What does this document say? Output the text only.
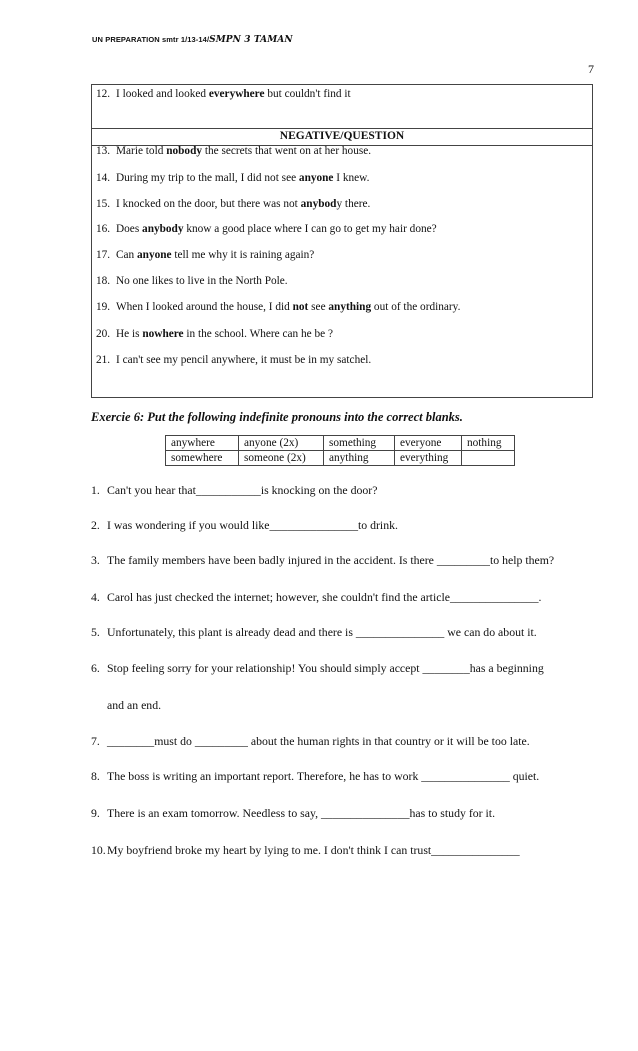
UN PREPARATION smtr 1/13-14/SMPN 3 TAMAN
7
12. I looked and looked everywhere but couldn't find it
NEGATIVE/QUESTION
13. Marie told nobody the secrets that went on at her house.
14. During my trip to the mall, I did not see anyone I knew.
15. I knocked on the door, but there was not anybody there.
16. Does anybody know a good place where I can go to get my hair done?
17. Can anyone tell me why it is raining again?
18. No one likes to live in the North Pole.
19. When I looked around the house, I did not see anything out of the ordinary.
20. He is nowhere in the school. Where can he be ?
21. I can't see my pencil anywhere, it must be in my satchel.
Exercie 6: Put the following indefinite pronouns into the correct blanks.
anywhere	anyone (2x)	something	everyone	nothing
somewhere	someone (2x)	anything	everything	
1. Can't you hear that___________is knocking on the door?
2. I was wondering if you would like_______________to drink.
3. The family members have been badly injured in the accident. Is there _________to help them?
4. Carol has just checked the internet; however, she couldn't find the article_______________.
5. Unfortunately, this plant is already dead and there is _______________ we can do about it.
6. Stop feeling sorry for your relationship! You should simply accept ________has a beginning
and an end.
7. ________must do _________ about the human rights in that country or it will be too late.
8. The boss is writing an important report. Therefore, he has to work _______________ quiet.
9. There is an exam tomorrow. Needless to say, _______________has to study for it.
10.My boyfriend broke my heart by lying to me. I don't think I can trust_______________
